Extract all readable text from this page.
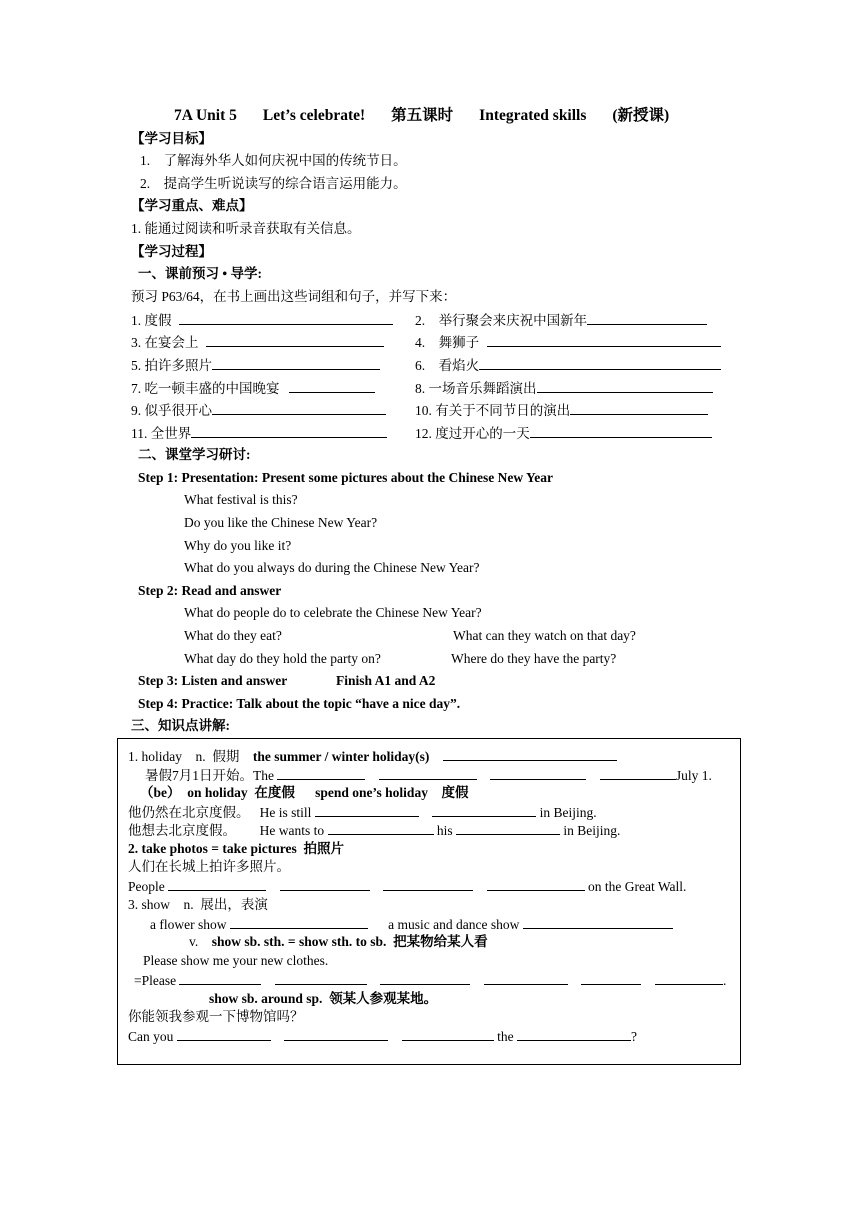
7A Unit 5 Let’s celebrate! 第五课时 Integrated skills (新授课)
【学习目标】
1. 了解海外华人如何庆祝中国的传统节日。
2. 提高学生听说读写的综合语言运用能力。
【学习重点、难点】
1. 能通过阅读和听录音获取有关信息。
【学习过程】
一、课前预习 • 导学:
预习 P63/64，在书上画出这些词组和句子，并写下来：
1. 度假	2. 举行聚会来庆祝中国新年
3. 在宴会上	4. 舞狮子
5. 拍许多照片	6. 看焰火
7. 吃一顿丰盛的中国晚宴	8. 一场音乐舞蹈演出
9. 似乎很开心	10. 有关于不同节日的演出
11. 全世界	12. 度过开心的一天
二、课堂学习研讨:
Step 1: Presentation: Present some pictures about the Chinese New Year
What festival is this?
Do you like the Chinese New Year?
Why do you like it?
What do you always do during the Chinese New Year?
Step 2: Read and answer
What do people do to celebrate the Chinese New Year?
What do they eat?	What can they watch on that day?
What day do they hold the party on?	Where do they have the party?
Step 3: Listen and answer	Finish A1 and A2
Step 4: Practice: Talk about the topic “have a nice day”.
三、知识点讲解:
1. holiday n. 假期  the summer / winter holiday(s) 
暑假7月1日开始。The    	July 1.
（be）  on holiday  在度假   spend one’s holiday  度假
他仍然在北京度假。  He is still  	in Beijing.
他想去北京度假。   He wants to	his	in Beijing.
2. take photos = take pictures  拍照片
人们在长城上拍许多照片。
People    	on the Great Wall.
3. show n. 展出，表演
a flower show   	a music and dance show
v.  show sb. sth. = show sth. to sb.  把某物给某人看
Please show me your new clothes.
=Please      	.
show sb. around sp.  领某人参观某地。
你能领我参观一下博物馆吗？
Can you   	the	?
